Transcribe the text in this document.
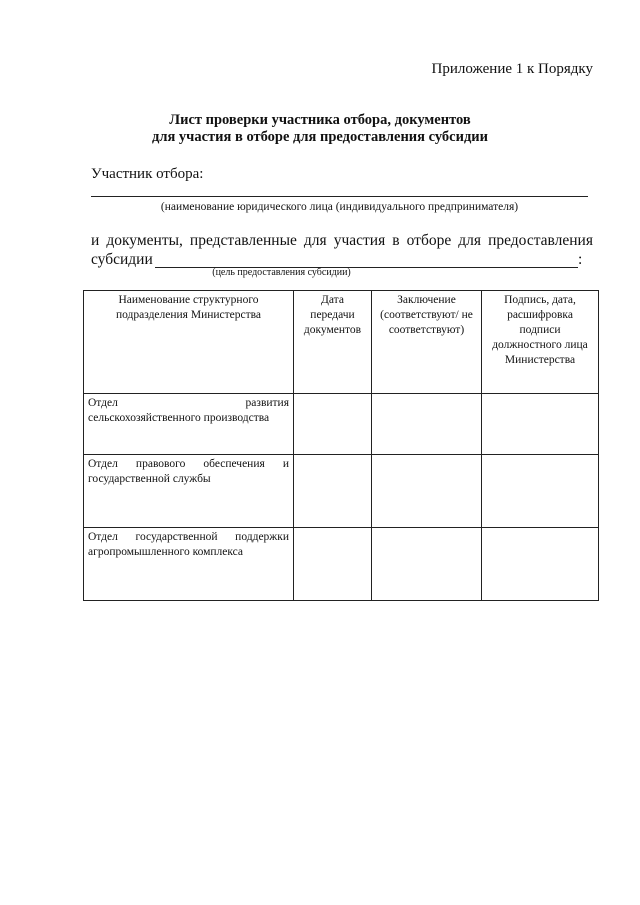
Приложение 1 к Порядку
Лист проверки участника отбора, документов
для участия в отборе для предоставления субсидии
Участник отбора:
(наименование юридического лица (индивидуального предпринимателя)
и документы, представленные для участия в отборе для предоставления
субсидии	:
(цель предоставления субсидии)
Наименование структурного подразделения Министерства	Дата передачи документов	Заключение (соответствуют/ не соответствуют)	Подпись, дата, расшифровка подписи должностного лица Министерства

Отдел развития
сельскохозяйственного производства			

Отдел правового обеспечения и
государственной службы			

Отдел государственной поддержки
агропромышленного комплекса			
